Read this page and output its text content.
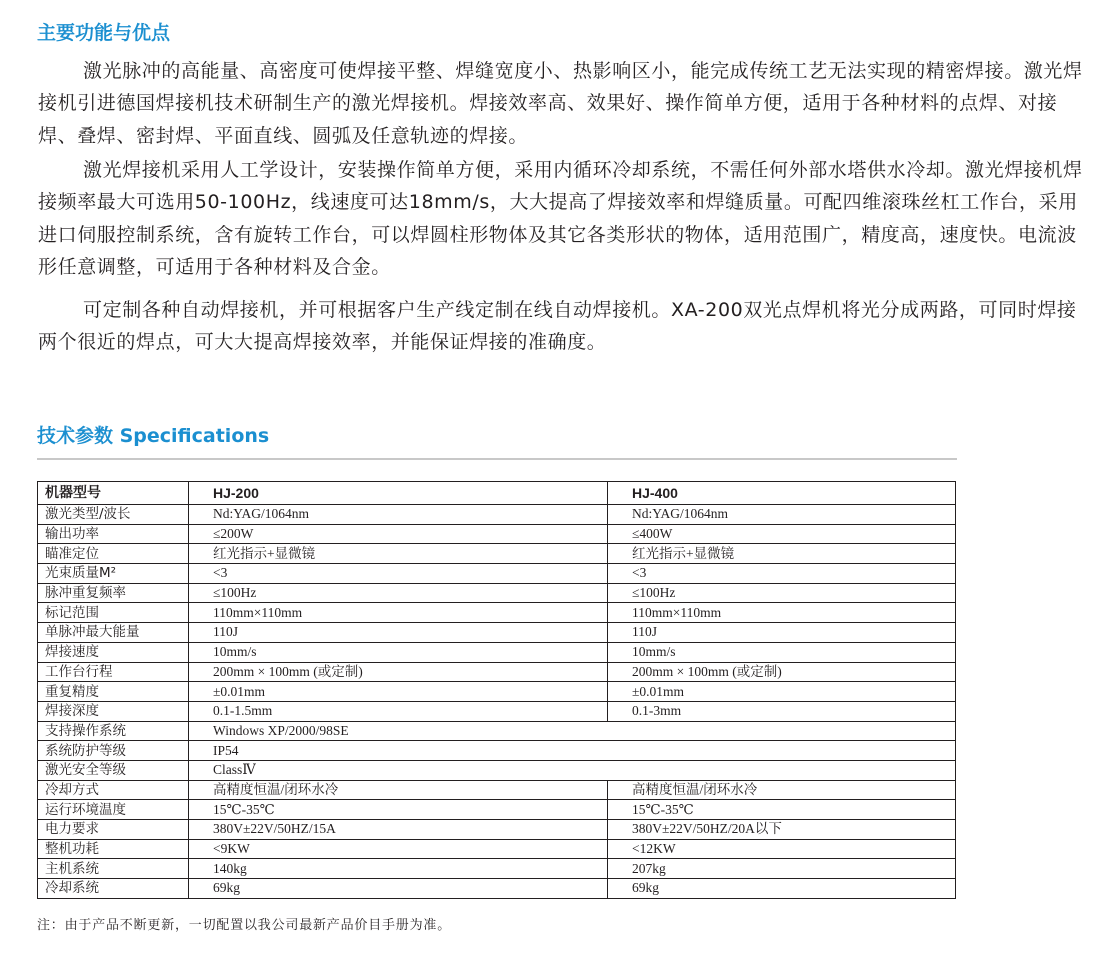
主要功能与优点

激光脉冲的高能量、高密度可使焊接平整、焊缝宽度小、热影响区小，能完成传统工艺无法实现的精密焊接。激光焊接机引进德国焊接机技术研制生产的激光焊接机。焊接效率高、效果好、操作简单方便，适用于各种材料的点焊、对接焊、叠焊、密封焊、平面直线、圆弧及任意轨迹的焊接。

激光焊接机采用人工学设计，安装操作简单方便，采用内循环冷却系统，不需任何外部水塔供水冷却。激光焊接机焊接频率最大可选用50-100Hz，线速度可达18mm/s，大大提高了焊接效率和焊缝质量。可配四维滚珠丝杠工作台，采用进口伺服控制系统，含有旋转工作台，可以焊圆柱形物体及其它各类形状的物体，适用范围广，精度高，速度快。电流波形任意调整，可适用于各种材料及合金。

可定制各种自动焊接机，并可根据客户生产线定制在线自动焊接机。XA-200双光点焊机将光分成两路，可同时焊接两个很近的焊点，可大大提高焊接效率，并能保证焊接的准确度。

技术参数 Specifications
机器型号	HJ-200	HJ-400
激光类型/波长	Nd:YAG/1064nm	Nd:YAG/1064nm
输出功率	≤200W	≤400W
瞄准定位	红光指示+显微镜	红光指示+显微镜
光束质量M²	<3	<3
脉冲重复频率	≤100Hz	≤100Hz
标记范围	110mm×110mm	110mm×110mm
单脉冲最大能量	110J	110J
焊接速度	10mm/s	10mm/s
工作台行程	200mm × 100mm (或定制)	200mm × 100mm (或定制)
重复精度	±0.01mm	±0.01mm
焊接深度	0.1-1.5mm	0.1-3mm
支持操作系统	Windows XP/2000/98SE	
系统防护等级	IP54	
激光安全等级	ClassⅣ	
冷却方式	高精度恒温/闭环水冷	高精度恒温/闭环水冷
运行环境温度	15℃-35℃	15℃-35℃
电力要求	380V±22V/50HZ/15A	380V±22V/50HZ/20A以下
整机功耗	<9KW	<12KW
主机系统	140kg	207kg
冷却系统	69kg	69kg
注：由于产品不断更新，一切配置以我公司最新产品价目手册为准。
